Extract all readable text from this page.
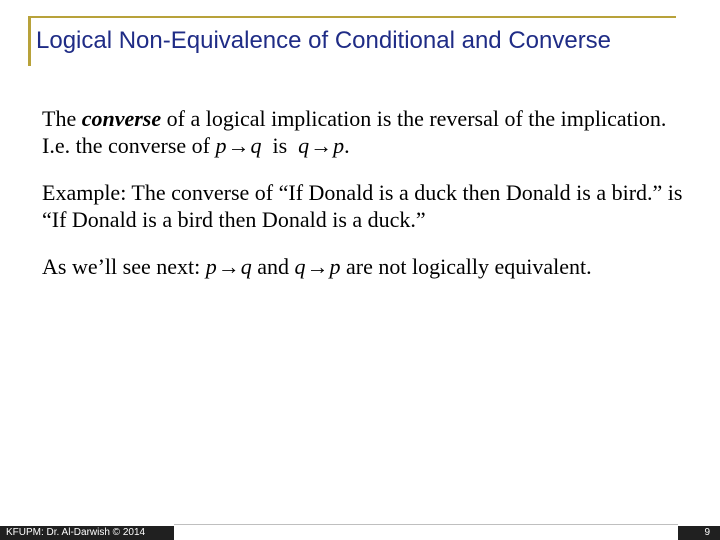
Logical Non-Equivalence of Conditional and Converse

The converse of a logical implication is the reversal of the implication. I.e. the converse of p→q  is  q→p.

Example: The converse of “If Donald is a duck then Donald is a bird.” is “If Donald is a bird then Donald is a duck.”

As we’ll see next: p→q and q→p are not logically equivalent.

KFUPM: Dr. Al-Darwish © 2014	9
